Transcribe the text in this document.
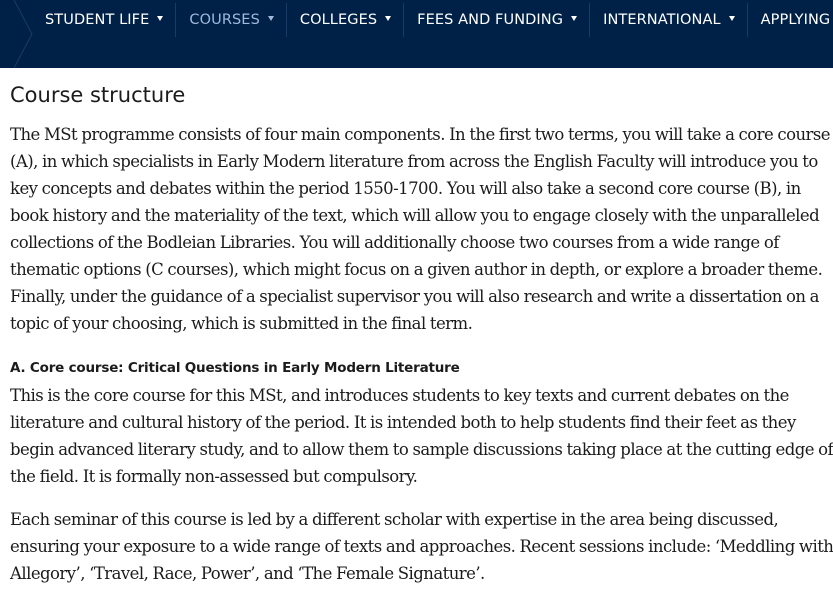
STUDENT LIFE	COURSES	COLLEGES	FEES AND FUNDING	INTERNATIONAL	APPLYING
Course structure

The MSt programme consists of four main components. In the first two terms, you will take a core course (A), in which specialists in Early Modern literature from across the English Faculty will introduce you to key concepts and debates within the period 1550-1700. You will also take a second core course (B), in book history and the materiality of the text, which will allow you to engage closely with the unparalleled collections of the Bodleian Libraries. You will additionally choose two courses from a wide range of thematic options (C courses), which might focus on a given author in depth, or explore a broader theme. Finally, under the guidance of a specialist supervisor you will also research and write a dissertation on a topic of your choosing, which is submitted in the final term.

A. Core course: Critical Questions in Early Modern Literature

This is the core course for this MSt, and introduces students to key texts and current debates on the literature and cultural history of the period. It is intended both to help students find their feet as they begin advanced literary study, and to allow them to sample discussions taking place at the cutting edge of the field. It is formally non-assessed but compulsory.

Each seminar of this course is led by a different scholar with expertise in the area being discussed, ensuring your exposure to a wide range of texts and approaches. Recent sessions include: ‘Meddling with Allegory’, ‘Travel, Race, Power’, and ‘The Female Signature’.
